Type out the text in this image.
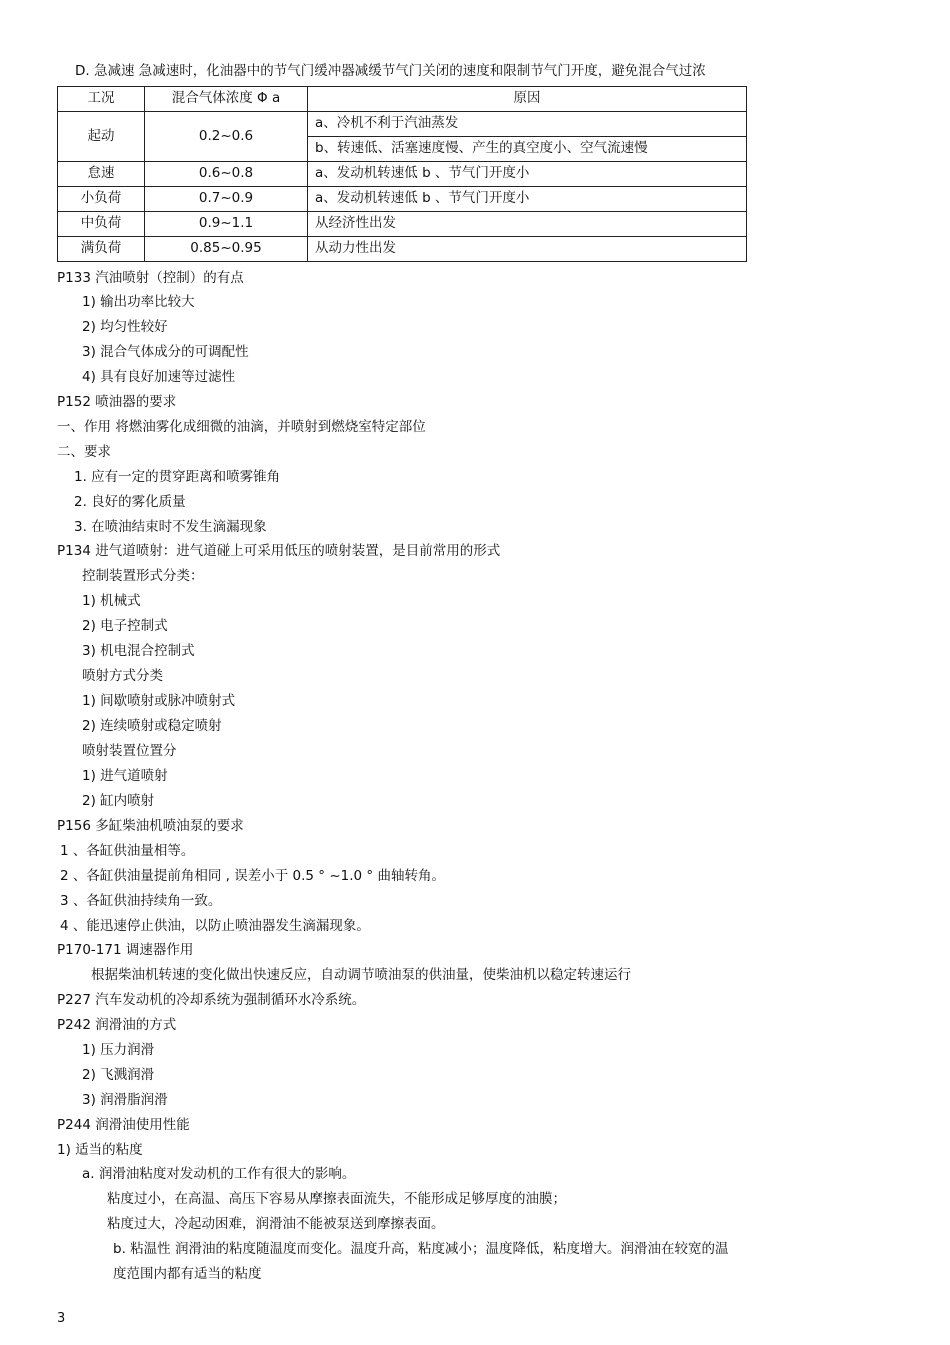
D. 急减速 急减速时，化油器中的节气门缓冲器减缓节气门关闭的速度和限制节气门开度，避免混合气过浓
工况	混合气体浓度 Φ a	原因
起动	0.2~0.6	a、冷机不利于汽油蒸发
		b、转速低、活塞速度慢、产生的真空度小、空气流速慢
怠速	0.6~0.8	a、发动机转速低 b 、节气门开度小
小负荷	0.7~0.9	a、发动机转速低 b 、节气门开度小
中负荷	0.9~1.1	从经济性出发
满负荷	0.85~0.95	从动力性出发
P133 汽油喷射（控制）的有点
1) 输出功率比较大
2) 均匀性较好
3) 混合气体成分的可调配性
4) 具有良好加速等过滤性
P152 喷油器的要求
一、作用 将燃油雾化成细微的油滴，并喷射到燃烧室特定部位
二、要求
1. 应有一定的贯穿距离和喷雾锥角
2. 良好的雾化质量
3. 在喷油结束时不发生滴漏现象
P134 进气道喷射：进气道碰上可采用低压的喷射装置，是目前常用的形式
控制装置形式分类：
1) 机械式
2) 电子控制式
3) 机电混合控制式
喷射方式分类
1) 间歇喷射或脉冲喷射式
2) 连续喷射或稳定喷射
喷射装置位置分
1) 进气道喷射
2) 缸内喷射
P156 多缸柴油机喷油泵的要求
1 、各缸供油量相等。
2 、各缸供油量提前角相同 , 误差小于 0.5 ° ~1.0 ° 曲轴转角。
3 、各缸供油持续角一致。
4 、能迅速停止供油，以防止喷油器发生滴漏现象。
P170-171 调速器作用
根据柴油机转速的变化做出快速反应，自动调节喷油泵的供油量，使柴油机以稳定转速运行
P227 汽车发动机的冷却系统为强制循环水冷系统。
P242 润滑油的方式
1) 压力润滑
2) 飞溅润滑
3) 润滑脂润滑
P244 润滑油使用性能
1) 适当的粘度
a. 润滑油粘度对发动机的工作有很大的影响。
粘度过小，在高温、高压下容易从摩擦表面流失，不能形成足够厚度的油膜；
粘度过大，冷起动困难，润滑油不能被泵送到摩擦表面。
b. 粘温性 润滑油的粘度随温度而变化。温度升高，粘度减小；温度降低，粘度增大。润滑油在较宽的温
度范围内都有适当的粘度
3
